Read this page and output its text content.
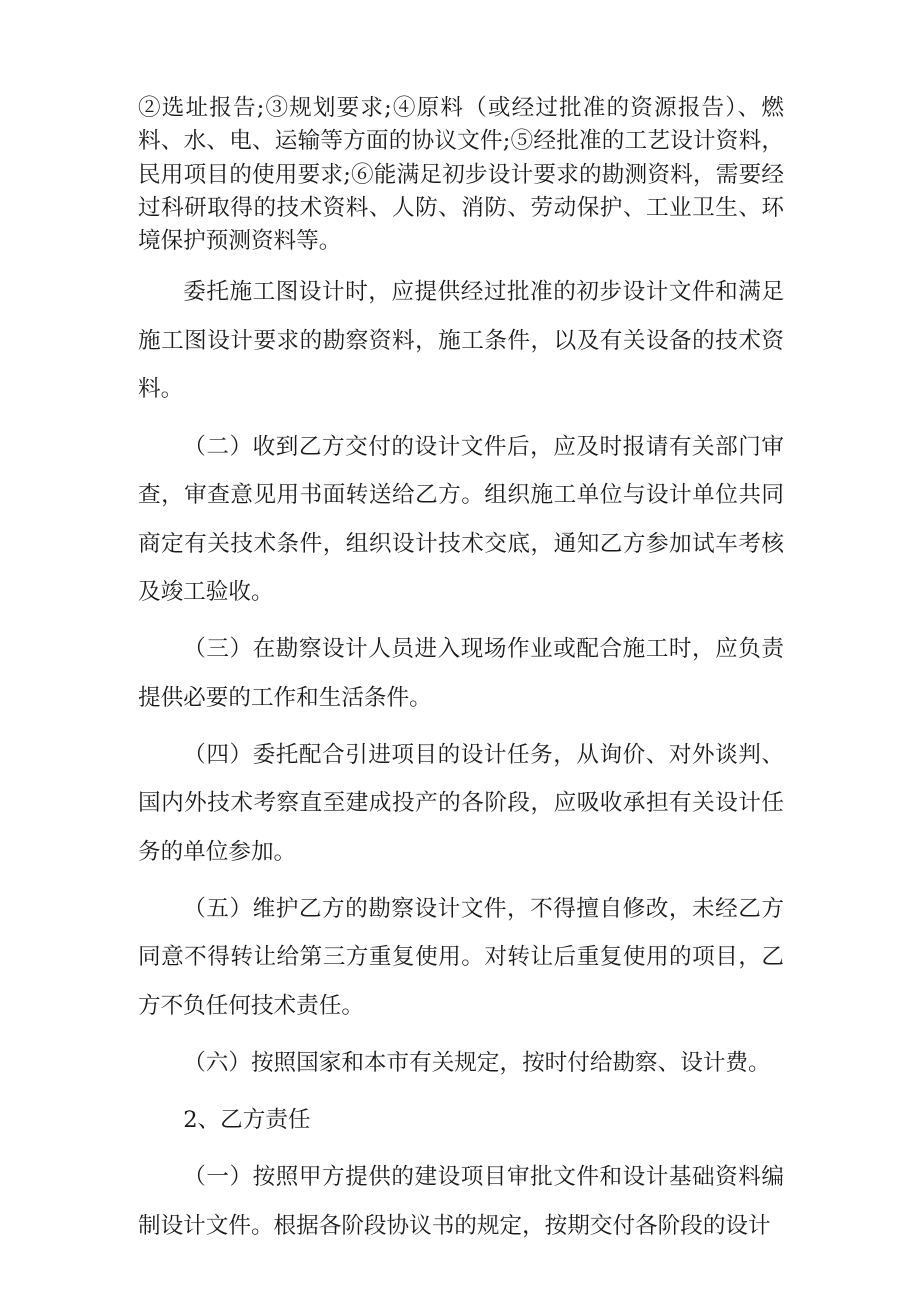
②选址报告;③规划要求;④原料（或经过批准的资源报告）、燃料、水、电、运输等方面的协议文件;⑤经批准的工艺设计资料，民用项目的使用要求;⑥能满足初步设计要求的勘测资料，需要经过科研取得的技术资料、人防、消防、劳动保护、工业卫生、环境保护预测资料等。

委托施工图设计时，应提供经过批准的初步设计文件和满足施工图设计要求的勘察资料，施工条件，以及有关设备的技术资料。

（二）收到乙方交付的设计文件后，应及时报请有关部门审查，审查意见用书面转送给乙方。组织施工单位与设计单位共同商定有关技术条件，组织设计技术交底，通知乙方参加试车考核及竣工验收。

（三）在勘察设计人员进入现场作业或配合施工时，应负责提供必要的工作和生活条件。

（四）委托配合引进项目的设计任务，从询价、对外谈判、国内外技术考察直至建成投产的各阶段，应吸收承担有关设计任务的单位参加。

（五）维护乙方的勘察设计文件，不得擅自修改，未经乙方同意不得转让给第三方重复使用。对转让后重复使用的项目，乙方不负任何技术责任。

（六）按照国家和本市有关规定，按时付给勘察、设计费。

2、乙方责任

（一）按照甲方提供的建设项目审批文件和设计基础资料编制设计文件。根据各阶段协议书的规定，按期交付各阶段的设计
